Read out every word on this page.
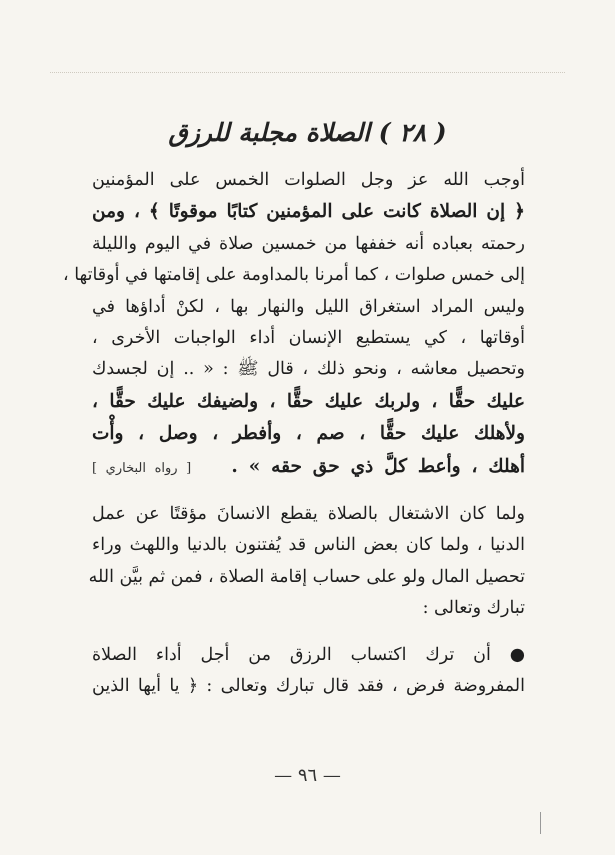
( ٢٨ ) الصلاة مجلبة للرزق
أوجب الله عز وجل الصلوات الخمس على المؤمنين
﴿ إن الصلاة كانت على المؤمنين كتابًا موقوتًا ﴾ ، ومن
رحمته بعباده أنه خففها من خمسين صلاة في اليوم والليلة
إلى خمس صلوات ، كما أمرنا بالمداومة على إقامتها في أوقاتها ،
وليس المراد استغراق الليل والنهار بها ، لكنْ أداؤها في
أوقاتها ، كي يستطيع الإنسان أداء الواجبات الأخرى ،
وتحصيل معاشه ، ونحو ذلك ، قال ﷺ : « .. إن لجسدك
عليك حقًّا ، ولربك عليك حقًّا ، ولضيفك عليك حقًّا ،
ولأهلك عليك حقًّا ، صم ، وأفطر ، وصل ، وأْت
أهلك ، وأعط كلَّ ذي حق حقه » .    [ رواه البخاري ]
ولما كان الاشتغال بالصلاة يقطع الانسانَ مؤقتًا عن عمل
الدنيا ، ولما كان بعض الناس قد يُفتنون بالدنيا واللهث وراء
تحصيل المال ولو على حساب إقامة الصلاة ، فمن ثم بيَّن الله
تبارك وتعالى :
● أن ترك اكتساب الرزق من أجل أداء الصلاة
المفروضة فرض ، فقد قال تبارك وتعالى : ﴿ يا أيها الذين
— ٩٦ —
